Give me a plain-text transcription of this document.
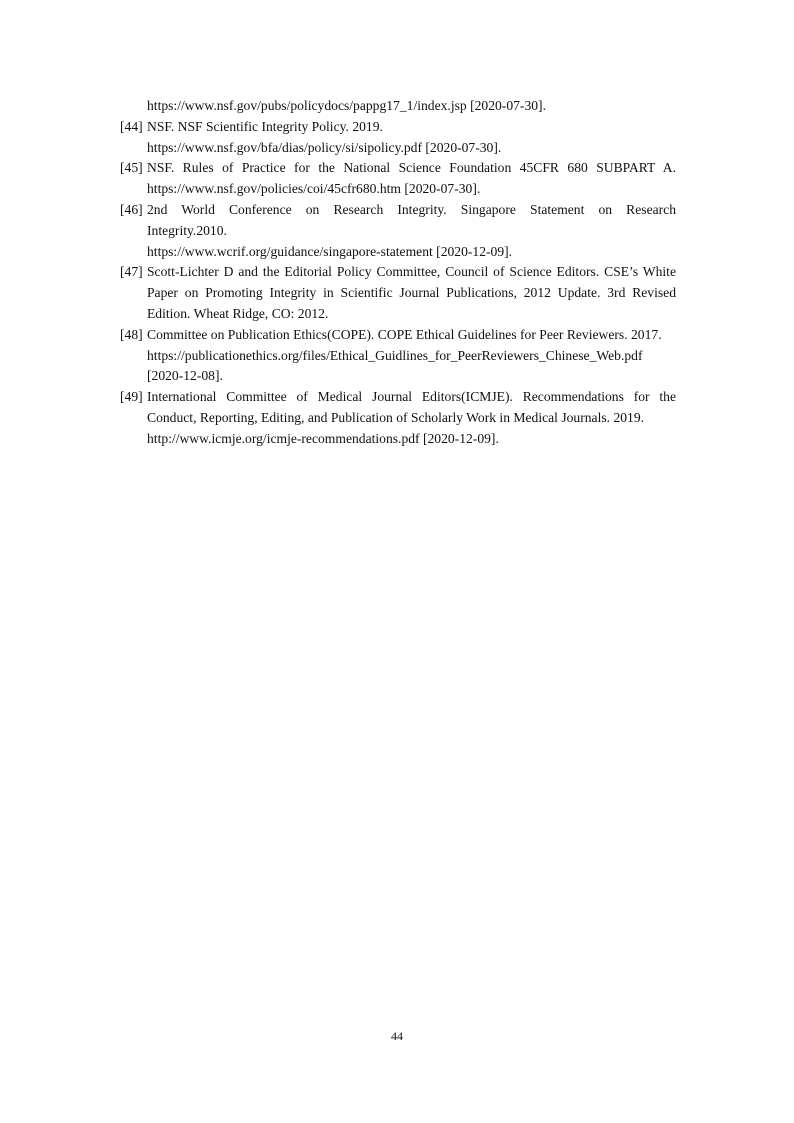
https://www.nsf.gov/pubs/policydocs/pappg17_1/index.jsp [2020-07-30].
[44] NSF. NSF Scientific Integrity Policy. 2019.
https://www.nsf.gov/bfa/dias/policy/si/sipolicy.pdf [2020-07-30].
[45] NSF. Rules of Practice for the National Science Foundation 45CFR 680 SUBPART A.
https://www.nsf.gov/policies/coi/45cfr680.htm [2020-07-30].
[46] 2nd World Conference on Research Integrity. Singapore Statement on Research
Integrity.2010.
https://www.wcrif.org/guidance/singapore-statement [2020-12-09].
[47] Scott-Lichter D and the Editorial Policy Committee, Council of Science Editors. CSE’s White
Paper on Promoting Integrity in Scientific Journal Publications, 2012 Update. 3rd Revised
Edition. Wheat Ridge, CO: 2012.
[48] Committee on Publication Ethics(COPE). COPE Ethical Guidelines for Peer Reviewers. 2017.
https://publicationethics.org/files/Ethical_Guidlines_for_PeerReviewers_Chinese_Web.pdf
[2020-12-08].
[49] International Committee of Medical Journal Editors(ICMJE). Recommendations for the
Conduct, Reporting, Editing, and Publication of Scholarly Work in Medical Journals. 2019.
http://www.icmje.org/icmje-recommendations.pdf [2020-12-09].
44
